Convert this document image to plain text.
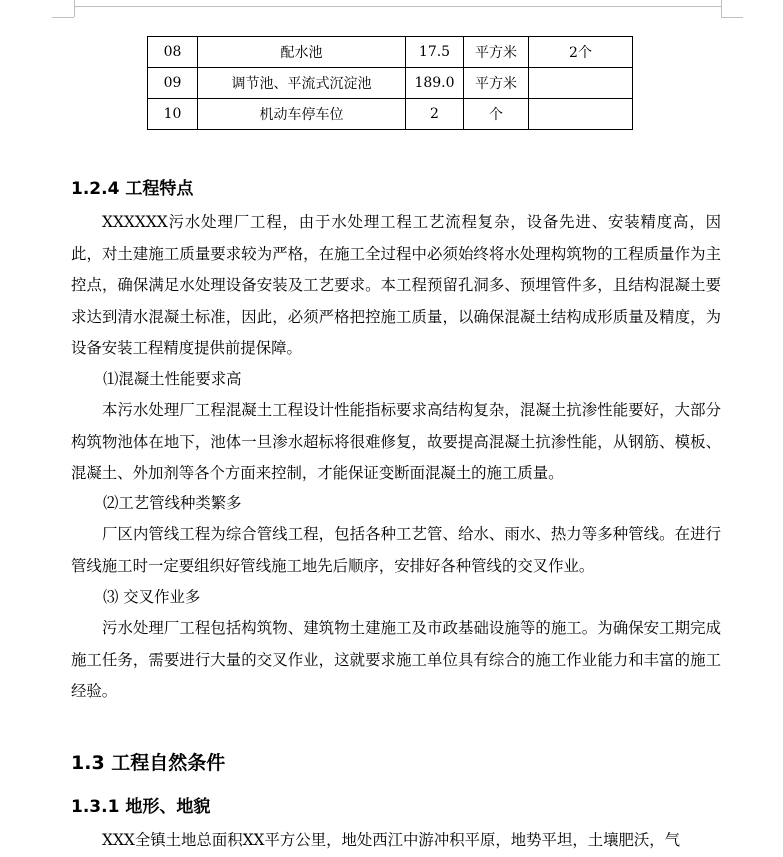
08	配水池	17.5	平方米	2个
09	调节池、平流式沉淀池	189.0	平方米	
10	机动车停车位	2	个	
1.2.4 工程特点

XXXXXX污水处理厂工程，由于水处理工程工艺流程复杂，设备先进、安装精度高，因此，对土建施工质量要求较为严格，在施工全过程中必须始终将水处理构筑物的工程质量作为主控点，确保满足水处理设备安装及工艺要求。本工程预留孔洞多、预埋管件多，且结构混凝土要求达到清水混凝土标准，因此，必须严格把控施工质量，以确保混凝土结构成形质量及精度，为设备安装工程精度提供前提保障。

⑴混凝土性能要求高

本污水处理厂工程混凝土工程设计性能指标要求高结构复杂，混凝土抗渗性能要好，大部分构筑物池体在地下，池体一旦渗水超标将很难修复，故要提高混凝土抗渗性能，从钢筋、模板、混凝土、外加剂等各个方面来控制，才能保证变断面混凝土的施工质量。

⑵工艺管线种类繁多

厂区内管线工程为综合管线工程，包括各种工艺管、给水、雨水、热力等多种管线。在进行管线施工时一定要组织好管线施工地先后顺序，安排好各种管线的交叉作业。

⑶ 交叉作业多

污水处理厂工程包括构筑物、建筑物土建施工及市政基础设施等的施工。为确保安工期完成施工任务，需要进行大量的交叉作业，这就要求施工单位具有综合的施工作业能力和丰富的施工经验。

1.3 工程自然条件
1.3.1 地形、地貌

XXX全镇土地总面积XX平方公里，地处西江中游冲积平原，地势平坦，土壤肥沃，气
